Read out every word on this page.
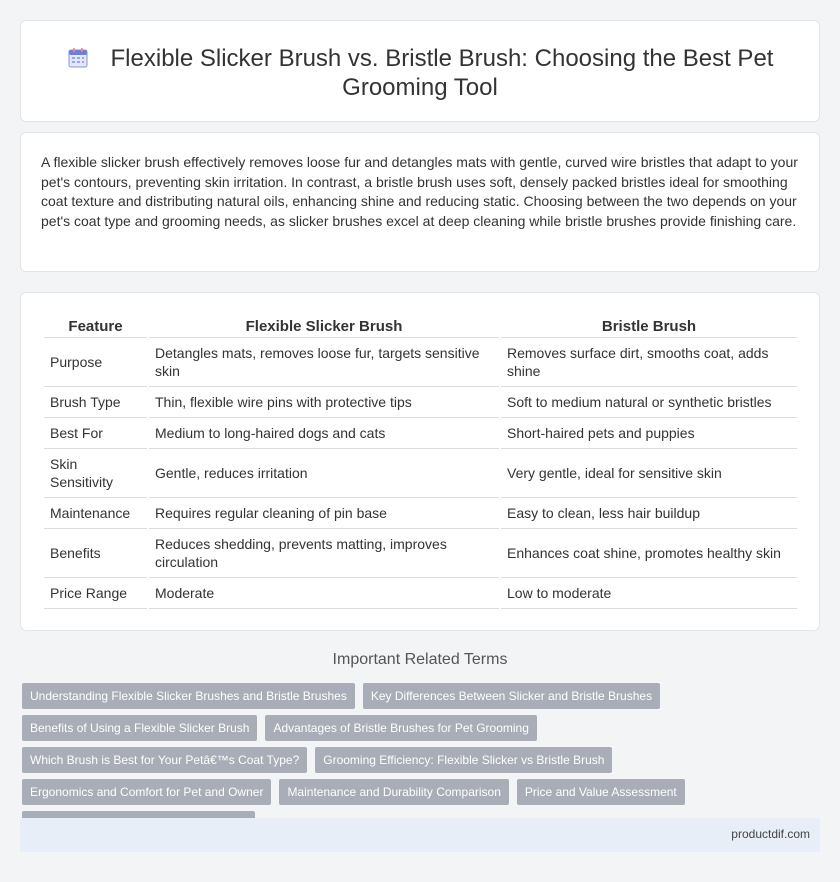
Flexible Slicker Brush vs. Bristle Brush: Choosing the Best Pet Grooming Tool

A flexible slicker brush effectively removes loose fur and detangles mats with gentle, curved wire bristles that adapt to your pet's contours, preventing skin irritation. In contrast, a bristle brush uses soft, densely packed bristles ideal for smoothing coat texture and distributing natural oils, enhancing shine and reducing static. Choosing between the two depends on your pet's coat type and grooming needs, as slicker brushes excel at deep cleaning while bristle brushes provide finishing care.

Feature	Flexible Slicker Brush	Bristle Brush
Purpose	Detangles mats, removes loose fur, targets sensitive skin	Removes surface dirt, smooths coat, adds shine
Brush Type	Thin, flexible wire pins with protective tips	Soft to medium natural or synthetic bristles
Best For	Medium to long-haired dogs and cats	Short-haired pets and puppies
Skin Sensitivity	Gentle, reduces irritation	Very gentle, ideal for sensitive skin
Maintenance	Requires regular cleaning of pin base	Easy to clean, less hair buildup
Benefits	Reduces shedding, prevents matting, improves circulation	Enhances coat shine, promotes healthy skin
Price Range	Moderate	Low to moderate
Important Related Terms
Understanding Flexible Slicker Brushes and Bristle Brushes	Key Differences Between Slicker and Bristle Brushes
Benefits of Using a Flexible Slicker Brush	Advantages of Bristle Brushes for Pet Grooming
Which Brush is Best for Your Petâ€™s Coat Type?	Grooming Efficiency: Flexible Slicker vs Bristle Brush
Ergonomics and Comfort for Pet and Owner	Maintenance and Durability Comparison	Price and Value Assessment
productdif.com
